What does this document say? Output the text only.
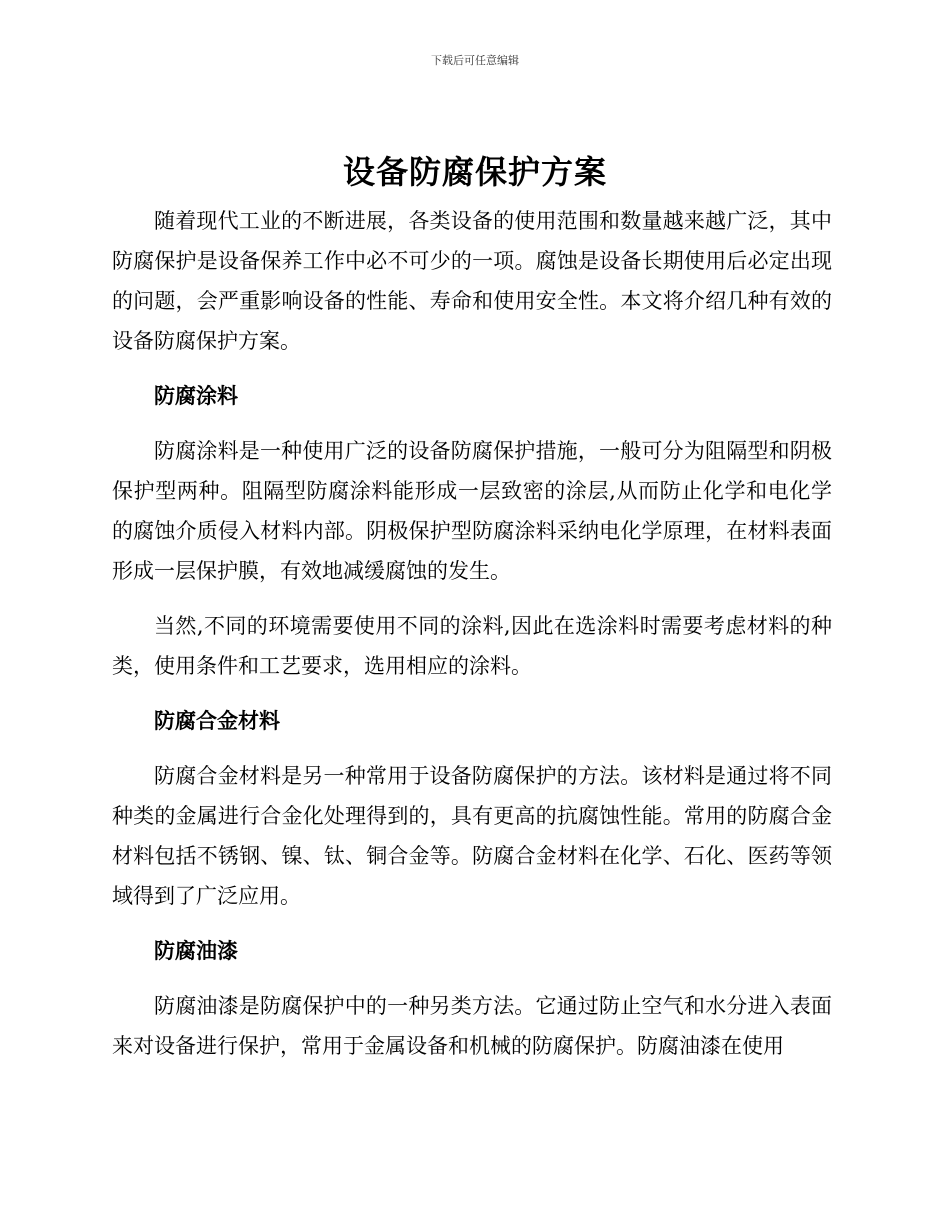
下载后可任意编辑
设备防腐保护方案

随着现代工业的不断进展，各类设备的使用范围和数量越来越广泛，其中防腐保护是设备保养工作中必不可少的一项。腐蚀是设备长期使用后必定出现的问题，会严重影响设备的性能、寿命和使用安全性。本文将介绍几种有效的设备防腐保护方案。

防腐涂料

防腐涂料是一种使用广泛的设备防腐保护措施，一般可分为阻隔型和阴极保护型两种。阻隔型防腐涂料能形成一层致密的涂层,从而防止化学和电化学的腐蚀介质侵入材料内部。阴极保护型防腐涂料采纳电化学原理，在材料表面形成一层保护膜，有效地减缓腐蚀的发生。

当然,不同的环境需要使用不同的涂料,因此在选涂料时需要考虑材料的种类，使用条件和工艺要求，选用相应的涂料。

防腐合金材料

防腐合金材料是另一种常用于设备防腐保护的方法。该材料是通过将不同种类的金属进行合金化处理得到的，具有更高的抗腐蚀性能。常用的防腐合金材料包括不锈钢、镍、钛、铜合金等。防腐合金材料在化学、石化、医药等领域得到了广泛应用。

防腐油漆

防腐油漆是防腐保护中的一种另类方法。它通过防止空气和水分进入表面来对设备进行保护，常用于金属设备和机械的防腐保护。防腐油漆在使用
